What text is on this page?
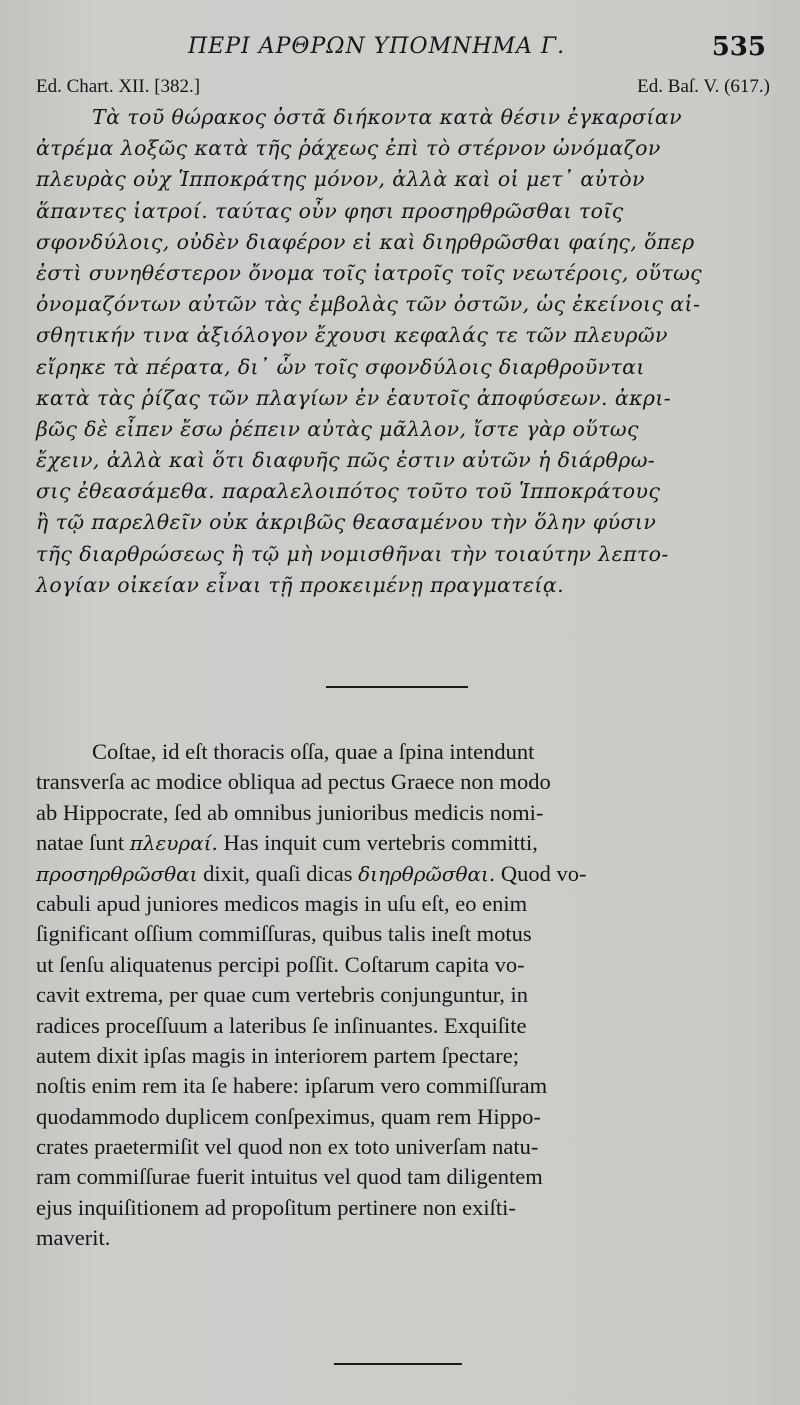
ΠΕΡΙ ΑΡΘΡΩΝ ΥΠΟΜΝΗΜΑ Γ.	535
Ed. Chart. XII. [382.]	Ed. Baſ. V. (617.)
Τὰ τοῦ θώρακος ὀστᾶ διήκοντα κατὰ θέσιν ἐγκαρσίαν
ἀτρέμα λοξῶς κατὰ τῆς ῥάχεως ἐπὶ τὸ στέρνον ὠνόμαζον
πλευρὰς οὐχ Ἱπποκράτης μόνον, ἀλλὰ καὶ οἱ μετ᾽ αὐτὸν
ἅπαντες ἰατροί. ταύτας οὖν φησι προσηρθρῶσθαι τοῖς
σφονδύλοις, οὐδὲν διαφέρον εἰ καὶ διηρθρῶσθαι φαίης, ὅπερ
ἐστὶ συνηθέστερον ὄνομα τοῖς ἰατροῖς τοῖς νεωτέροις, οὕτως
ὀνομαζόντων αὐτῶν τὰς ἐμβολὰς τῶν ὀστῶν, ὡς ἐκείνοις αἰ-
σθητικήν τινα ἀξιόλογον ἔχουσι κεφαλάς τε τῶν πλευρῶν
εἴρηκε τὰ πέρατα, δι᾽ ὧν τοῖς σφονδύλοις διαρθροῦνται
κατὰ τὰς ῥίζας τῶν πλαγίων ἐν ἑαυτοῖς ἀποφύσεων. ἀκρι-
βῶς δὲ εἶπεν ἔσω ῥέπειν αὐτὰς μᾶλλον, ἴστε γὰρ οὕτως
ἔχειν, ἀλλὰ καὶ ὅτι διαφυῆς πῶς ἐστιν αὐτῶν ἡ διάρθρω-
σις ἐθεασάμεθα. παραλελοιπότος τοῦτο τοῦ Ἱπποκράτους
ἢ τῷ παρελθεῖν οὐκ ἀκριβῶς θεασαμένου τὴν ὅλην φύσιν
τῆς διαρθρώσεως ἢ τῷ μὴ νομισθῆναι τὴν τοιαύτην λεπτο-
λογίαν οἰκείαν εἶναι τῇ προκειμένῃ πραγματείᾳ.
Coſtae, id eſt thoracis oſſa, quae a ſpina intendunt
transverſa ac modice obliqua ad pectus Graece non modo
ab Hippocrate, ſed ab omnibus junioribus medicis nomi-
natae ſunt πλευραί. Has inquit cum vertebris committi,
προσηρθρῶσθαι dixit, quaſi dicas διηρθρῶσθαι. Quod vo-
cabuli apud juniores medicos magis in uſu eſt, eo enim
ſignificant oſſium commiſſuras, quibus talis ineſt motus
ut ſenſu aliquatenus percipi poſſit. Coſtarum capita vo-
cavit extrema, per quae cum vertebris conjunguntur, in
radices proceſſuum a lateribus ſe inſinuantes. Exquiſite
autem dixit ipſas magis in interiorem partem ſpectare;
noſtis enim rem ita ſe habere: ipſarum vero commiſſuram
quodammodo duplicem conſpeximus, quam rem Hippo-
crates praetermiſit vel quod non ex toto univerſam natu-
ram commiſſurae fuerit intuitus vel quod tam diligentem
ejus inquiſitionem ad propoſitum pertinere non exiſti-
maverit.
